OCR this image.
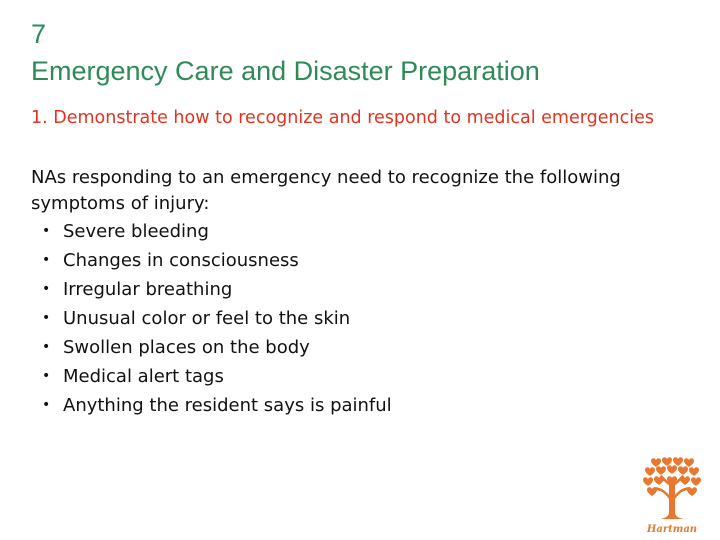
7
Emergency Care and Disaster Preparation
1. Demonstrate how to recognize and respond to medical emergencies

NAs responding to an emergency need to recognize the following symptoms of injury:

• Severe bleeding
• Changes in consciousness
• Irregular breathing
• Unusual color or feel to the skin
• Swollen places on the body
• Medical alert tags
• Anything the resident says is painful
Hartman
